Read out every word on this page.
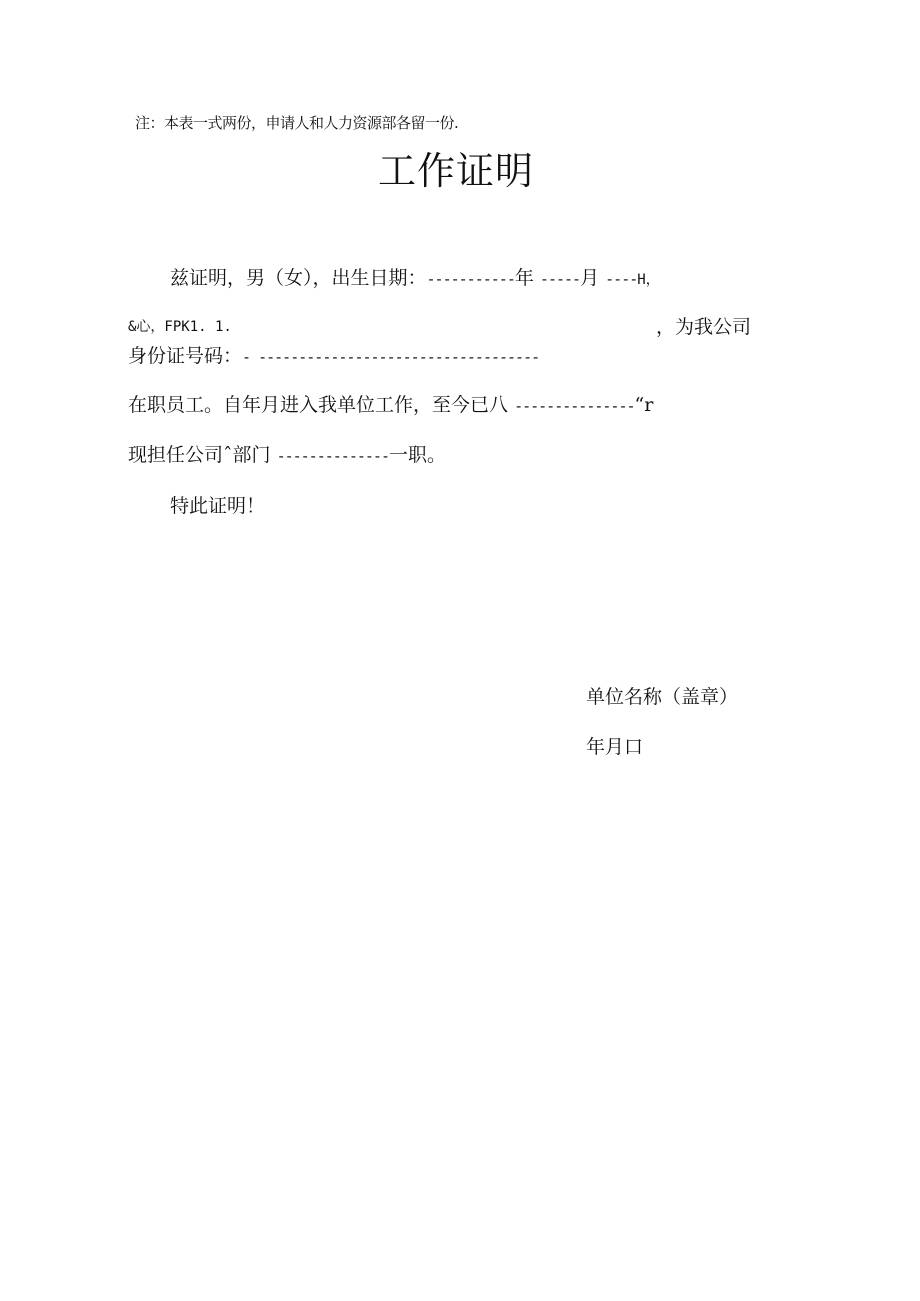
注：本表一式两份，申请人和人力资源部各留一份.
工作证明
兹证明，男（女），出生日期：-----------年 -----月 ----H，
&心，FPK1. 1.	，为我公司
身份证号码：- -----------------------------------
在职员工。自年月进入我单位工作，至今已八 ---------------“r
现担任公司ˆ部门 --------------一职。
特此证明！
单位名称（盖章）
年月口
